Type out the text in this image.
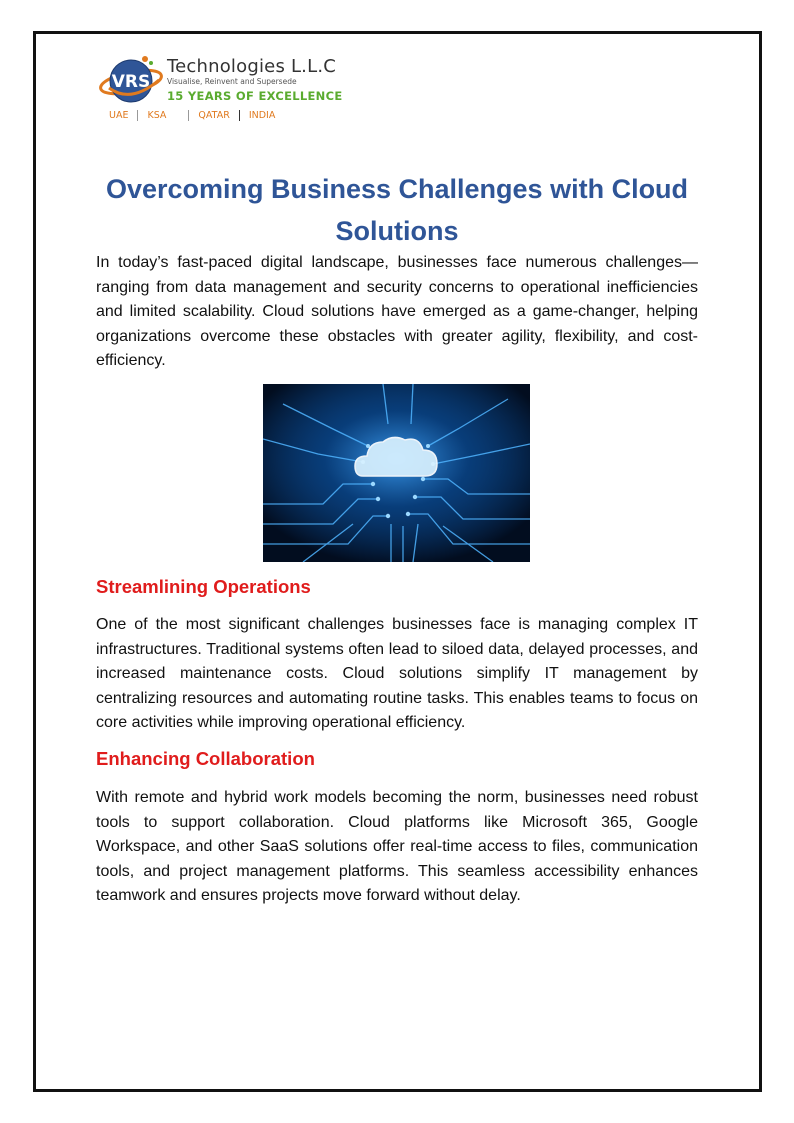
VRS
Technologies L.L.C
Visualise, Reinvent and Supersede
15 YEARS OF EXCELLENCE
UAE KSA	QATAR INDIA
Overcoming Business Challenges with Cloud Solutions

In today’s fast-paced digital landscape, businesses face numerous challenges—ranging from data management and security concerns to operational inefficiencies and limited scalability. Cloud solutions have emerged as a game-changer, helping organizations overcome these obstacles with greater agility, flexibility, and cost-efficiency.

Streamlining Operations

One of the most significant challenges businesses face is managing complex IT infrastructures. Traditional systems often lead to siloed data, delayed processes, and increased maintenance costs. Cloud solutions simplify IT management by centralizing resources and automating routine tasks. This enables teams to focus on core activities while improving operational efficiency.

Enhancing Collaboration

With remote and hybrid work models becoming the norm, businesses need robust tools to support collaboration. Cloud platforms like Microsoft 365, Google Workspace, and other SaaS solutions offer real-time access to files, communication tools, and project management platforms. This seamless accessibility enhances teamwork and ensures projects move forward without delay.
